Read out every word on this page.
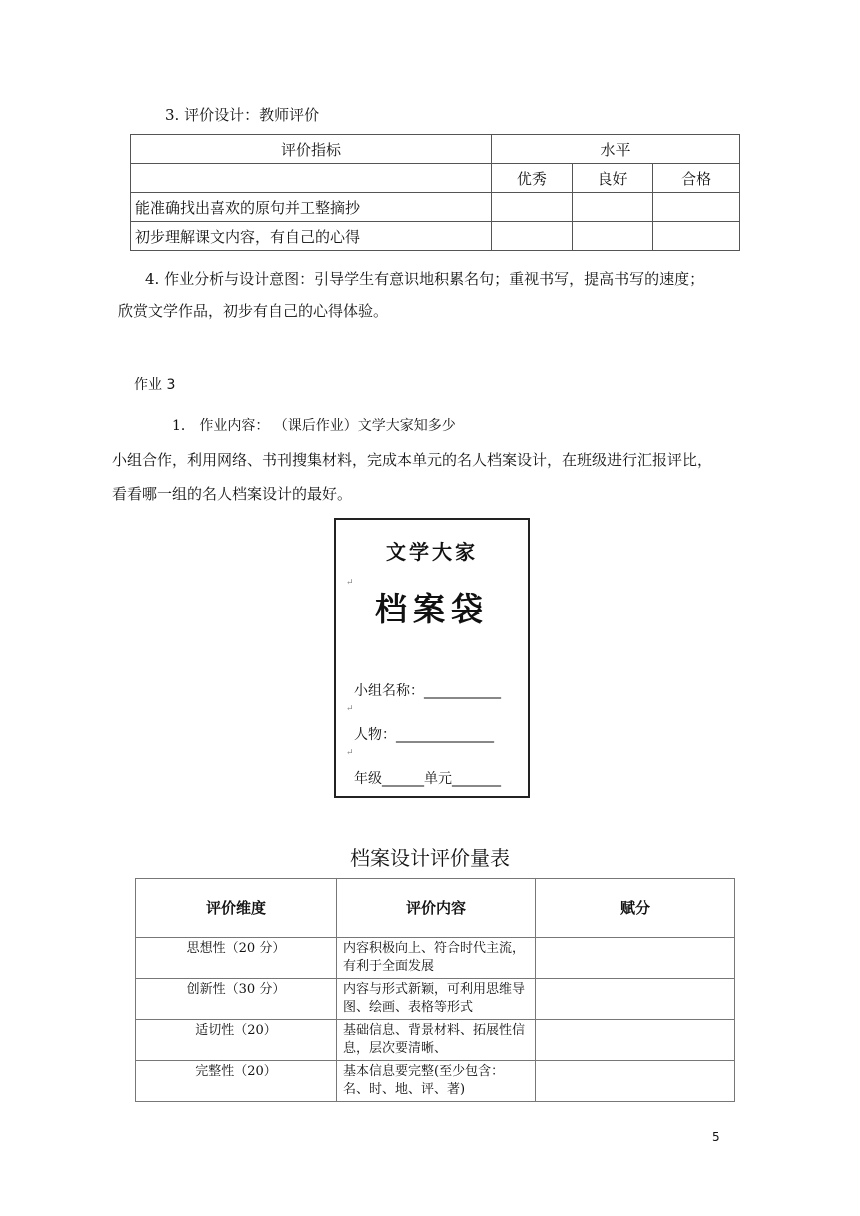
3. 评价设计：教师评价
评价指标	水平		
	优秀	良好	合格
能准确找出喜欢的原句并工整摘抄			
初步理解课文内容，有自己的心得			
4. 作业分析与设计意图：引导学生有意识地积累名句；重视书写，提高书写的速度；
欣赏文学作品，初步有自己的心得体验。
作业 3
1． 作业内容： （课后作业）文学大家知多少
小组合作，利用网络、书刊搜集材料，完成本单元的名人档案设计，在班级进行汇报评比，
看看哪一组的名人档案设计的最好。
文学大家
↵
档案袋
小组名称：___________
↵
人物：______________
↵
年级______单元_______
档案设计评价量表
评价维度	评价内容	赋分
思想性（20 分）	内容积极向上、符合时代主流，有利于全面发展	
创新性（30 分）	内容与形式新颖，可利用思维导图、绘画、表格等形式	
适切性（20）	基础信息、背景材料、拓展性信息，层次要清晰、	
完整性（20）	基本信息要完整(至少包含：名、时、地、评、著)	
5
